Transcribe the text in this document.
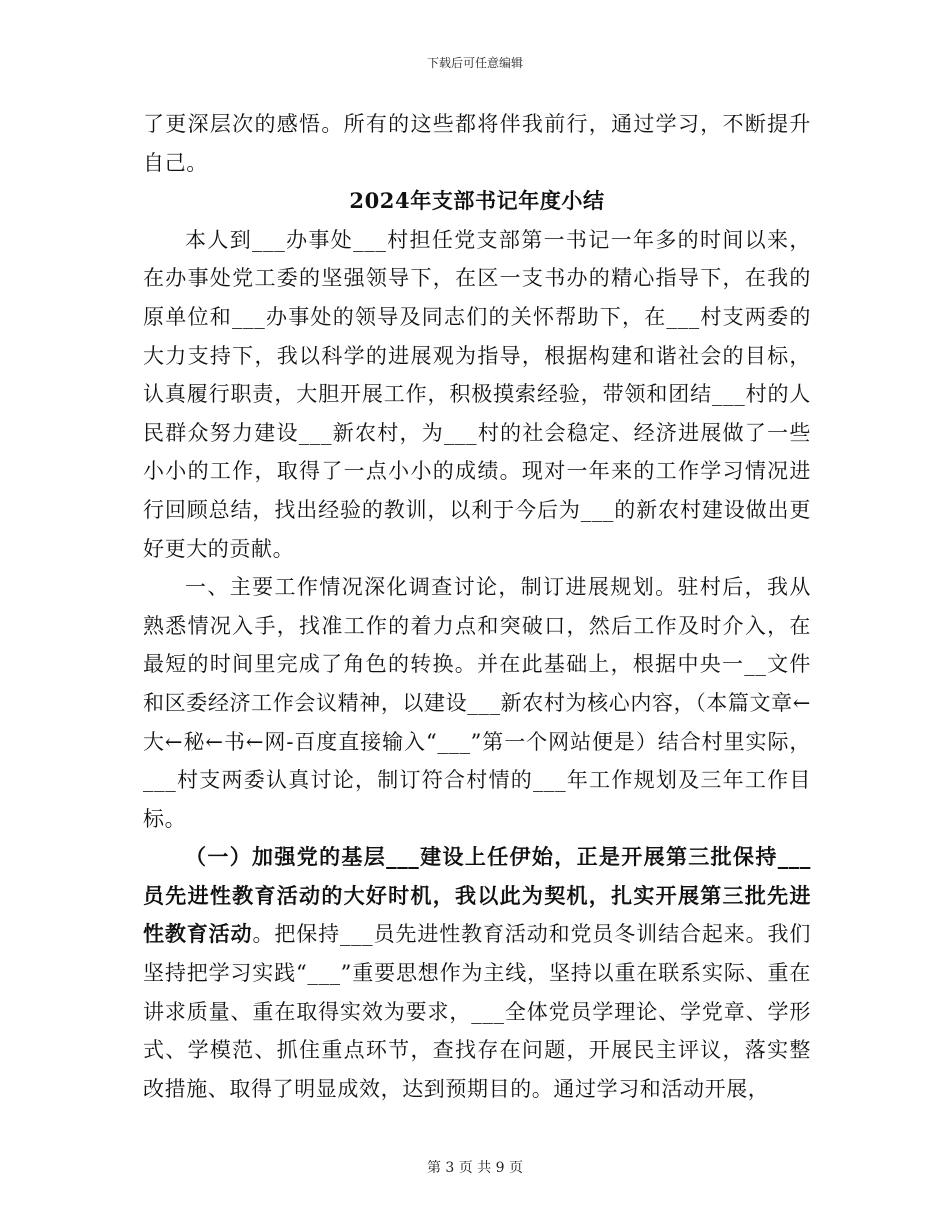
下载后可任意编辑

了更深层次的感悟。所有的这些都将伴我前行，通过学习，不断提升自己。

2024年支部书记年度小结

本人到___办事处___村担任党支部第一书记一年多的时间以来，在办事处党工委的坚强领导下，在区一支书办的精心指导下，在我的原单位和___办事处的领导及同志们的关怀帮助下，在___村支两委的大力支持下，我以科学的进展观为指导，根据构建和谐社会的目标，认真履行职责，大胆开展工作，积极摸索经验，带领和团结___村的人民群众努力建设___新农村，为___村的社会稳定、经济进展做了一些小小的工作，取得了一点小小的成绩。现对一年来的工作学习情况进行回顾总结，找出经验的教训，以利于今后为___的新农村建设做出更好更大的贡献。

一、主要工作情况深化调查讨论，制订进展规划。驻村后，我从熟悉情况入手，找准工作的着力点和突破口，然后工作及时介入，在最短的时间里完成了角色的转换。并在此基础上，根据中央一__文件和区委经济工作会议精神，以建设___新农村为核心内容，（本篇文章←大←秘←书←网-百度直接输入“___”第一个网站便是）结合村里实际，___村支两委认真讨论，制订符合村情的___年工作规划及三年工作目标。

（一）加强党的基层___建设上任伊始，正是开展第三批保持___员先进性教育活动的大好时机，我以此为契机，扎实开展第三批先进性教育活动。把保持___员先进性教育活动和党员冬训结合起来。我们坚持把学习实践“___”重要思想作为主线，坚持以重在联系实际、重在讲求质量、重在取得实效为要求，___全体党员学理论、学党章、学形式、学模范、抓住重点环节，查找存在问题，开展民主评议，落实整改措施、取得了明显成效，达到预期目的。通过学习和活动开展，

第 3 页 共 9 页
